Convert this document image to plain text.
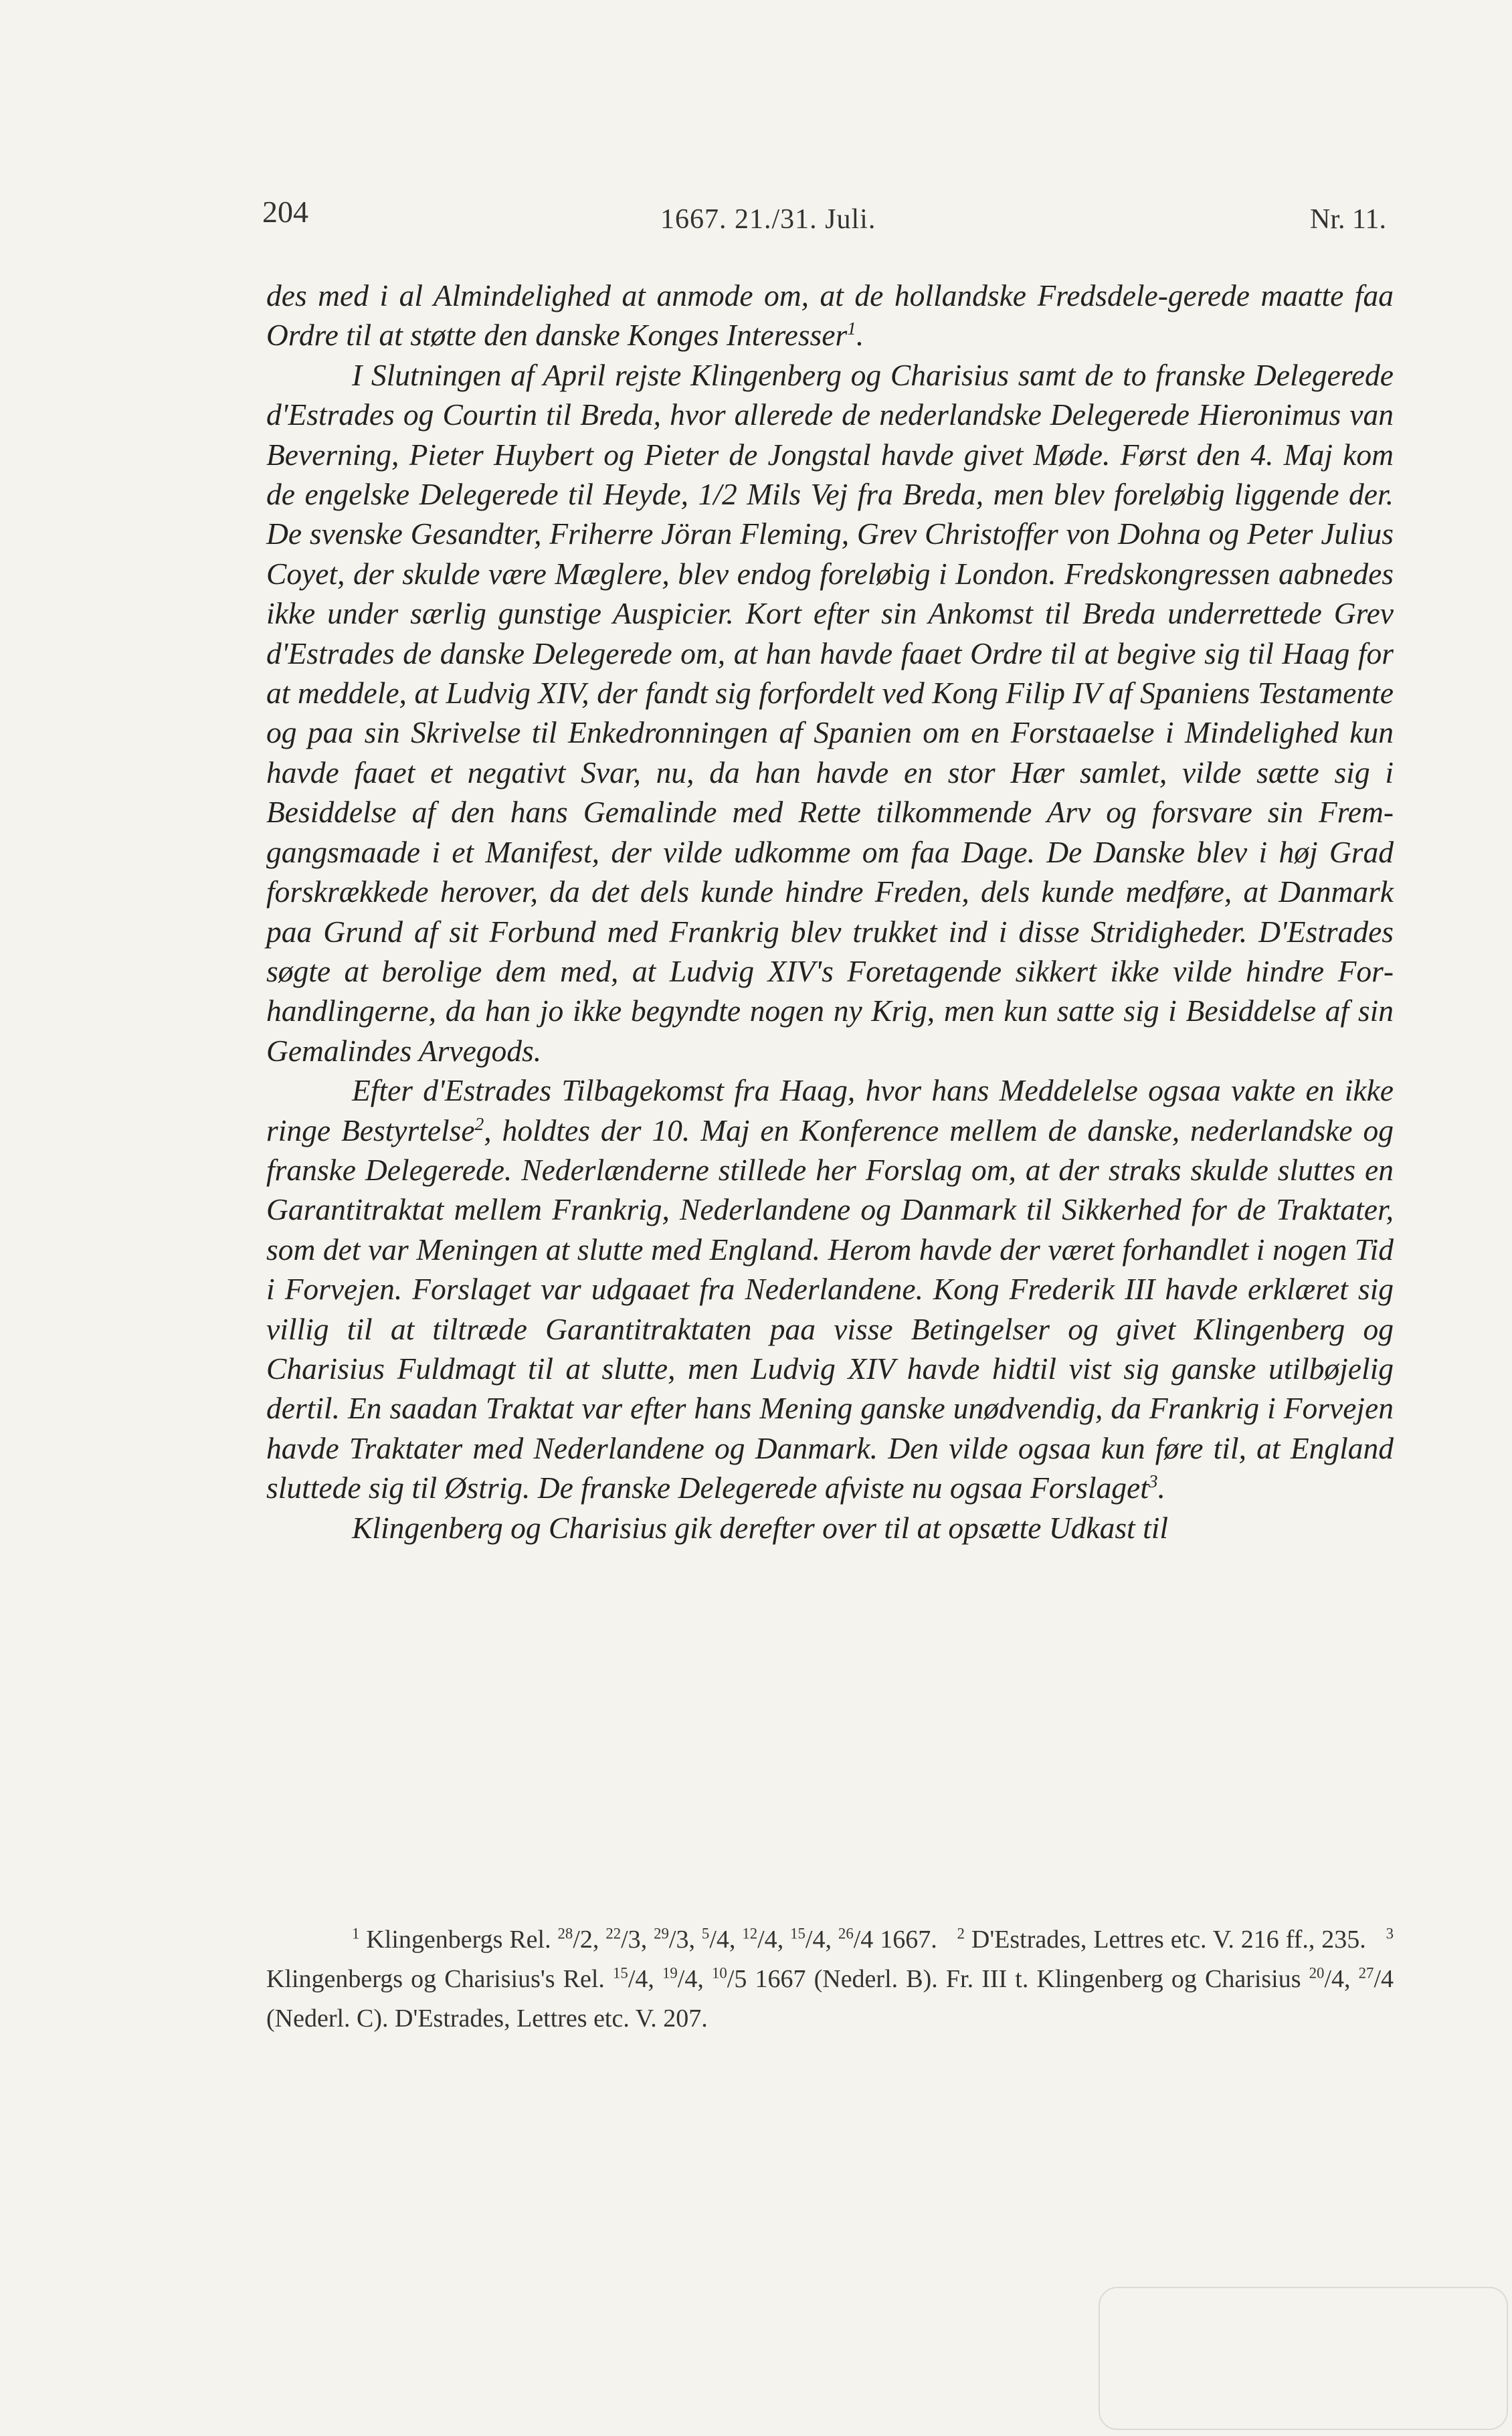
204	1667. 21./31. Juli.	Nr. 11.

des med i al Almindelighed at anmode om, at de hollandske Fredsdele-gerede maatte faa Ordre til at støtte den danske Konges Interesser$^1$.

I Slutningen af April rejste Klingenberg og Charisius samt de to franske Delegerede d'Estrades og Courtin til Breda, hvor allerede de nederlandske Delegerede Hieronimus van Beverning, Pieter Huybert og Pieter de Jongstal havde givet Møde. Først den 4. Maj kom de engelske Delegerede til Heyde, 1/2 Mils Vej fra Breda, men blev foreløbig liggende der. De svenske Gesandter, Friherre Jöran Fleming, Grev Christoffer von Dohna og Peter Julius Coyet, der skulde være Mæglere, blev endog foreløbig i London. Fredskongressen aabnedes ikke under særlig gunstige Auspicier. Kort efter sin Ankomst til Breda underrettede Grev d'Estrades de danske Delegerede om, at han havde faaet Ordre til at begive sig til Haag for at meddele, at Ludvig XIV, der fandt sig forfordelt ved Kong Filip IV af Spaniens Testamente og paa sin Skrivelse til Enkedronningen af Spanien om en Forstaaelse i Mindelighed kun havde faaet et negativt Svar, nu, da han havde en stor Hær samlet, vilde sætte sig i Besiddelse af den hans Gemalinde med Rette tilkommende Arv og forsvare sin Fremgangsmaade i et Manifest, der vilde udkomme om faa Dage. De Danske blev i høj Grad forskrækkede herover, da det dels kunde hindre Freden, dels kunde medføre, at Danmark paa Grund af sit Forbund med Frankrig blev trukket ind i disse Stridigheder. D'Estrades søgte at berolige dem med, at Ludvig XIV's Foretagende sikkert ikke vilde hindre Forhandlingerne, da han jo ikke begyndte nogen ny Krig, men kun satte sig i Besiddelse af sin Gemalindes Arvegods.

Efter d'Estrades Tilbagekomst fra Haag, hvor hans Meddelelse ogsaa vakte en ikke ringe Bestyrtelse$^2$, holdtes der 10. Maj en Konference mellem de danske, nederlandske og franske Delegerede. Nederlænderne stillede her Forslag om, at der straks skulde sluttes en Garantitraktat mellem Frankrig, Nederlandene og Danmark til Sikkerhed for de Traktater, som det var Meningen at slutte med England. Herom havde der været forhandlet i nogen Tid i Forvejen. Forslaget var udgaaet fra Nederlandene. Kong Frederik III havde erklæret sig villig til at tiltræde Garantitraktaten paa visse Betingelser og givet Klingenberg og Charisius Fuldmagt til at slutte, men Ludvig XIV havde hidtil vist sig ganske utilbøjelig dertil. En saadan Traktat var efter hans Mening ganske unødvendig, da Frankrig i Forvejen havde Traktater med Nederlandene og Danmark. Den vilde ogsaa kun føre til, at England sluttede sig til Østrig. De franske Delegerede afviste nu ogsaa Forslaget$^3$.

Klingenberg og Charisius gik derefter over til at opsætte Udkast til

$^1$ Klingenbergs Rel. $^{28}$/2, $^{22}$/3, $^{29}$/3, $^5$/4, $^{12}$/4, $^{15}$/4, $^{26}$/4 1667. $^2$ D'Estrades, Lettres etc. V. 216 ff., 235. $^3$ Klingenbergs og Charisius's Rel. $^{15}$/4, $^{19}$/4, $^{10}$/5 1667 (Nederl. B). Fr. III t. Klingenberg og Charisius $^{20}$/4, $^{27}$/4 (Nederl. C). D'Estrades, Lettres etc. V. 207.
